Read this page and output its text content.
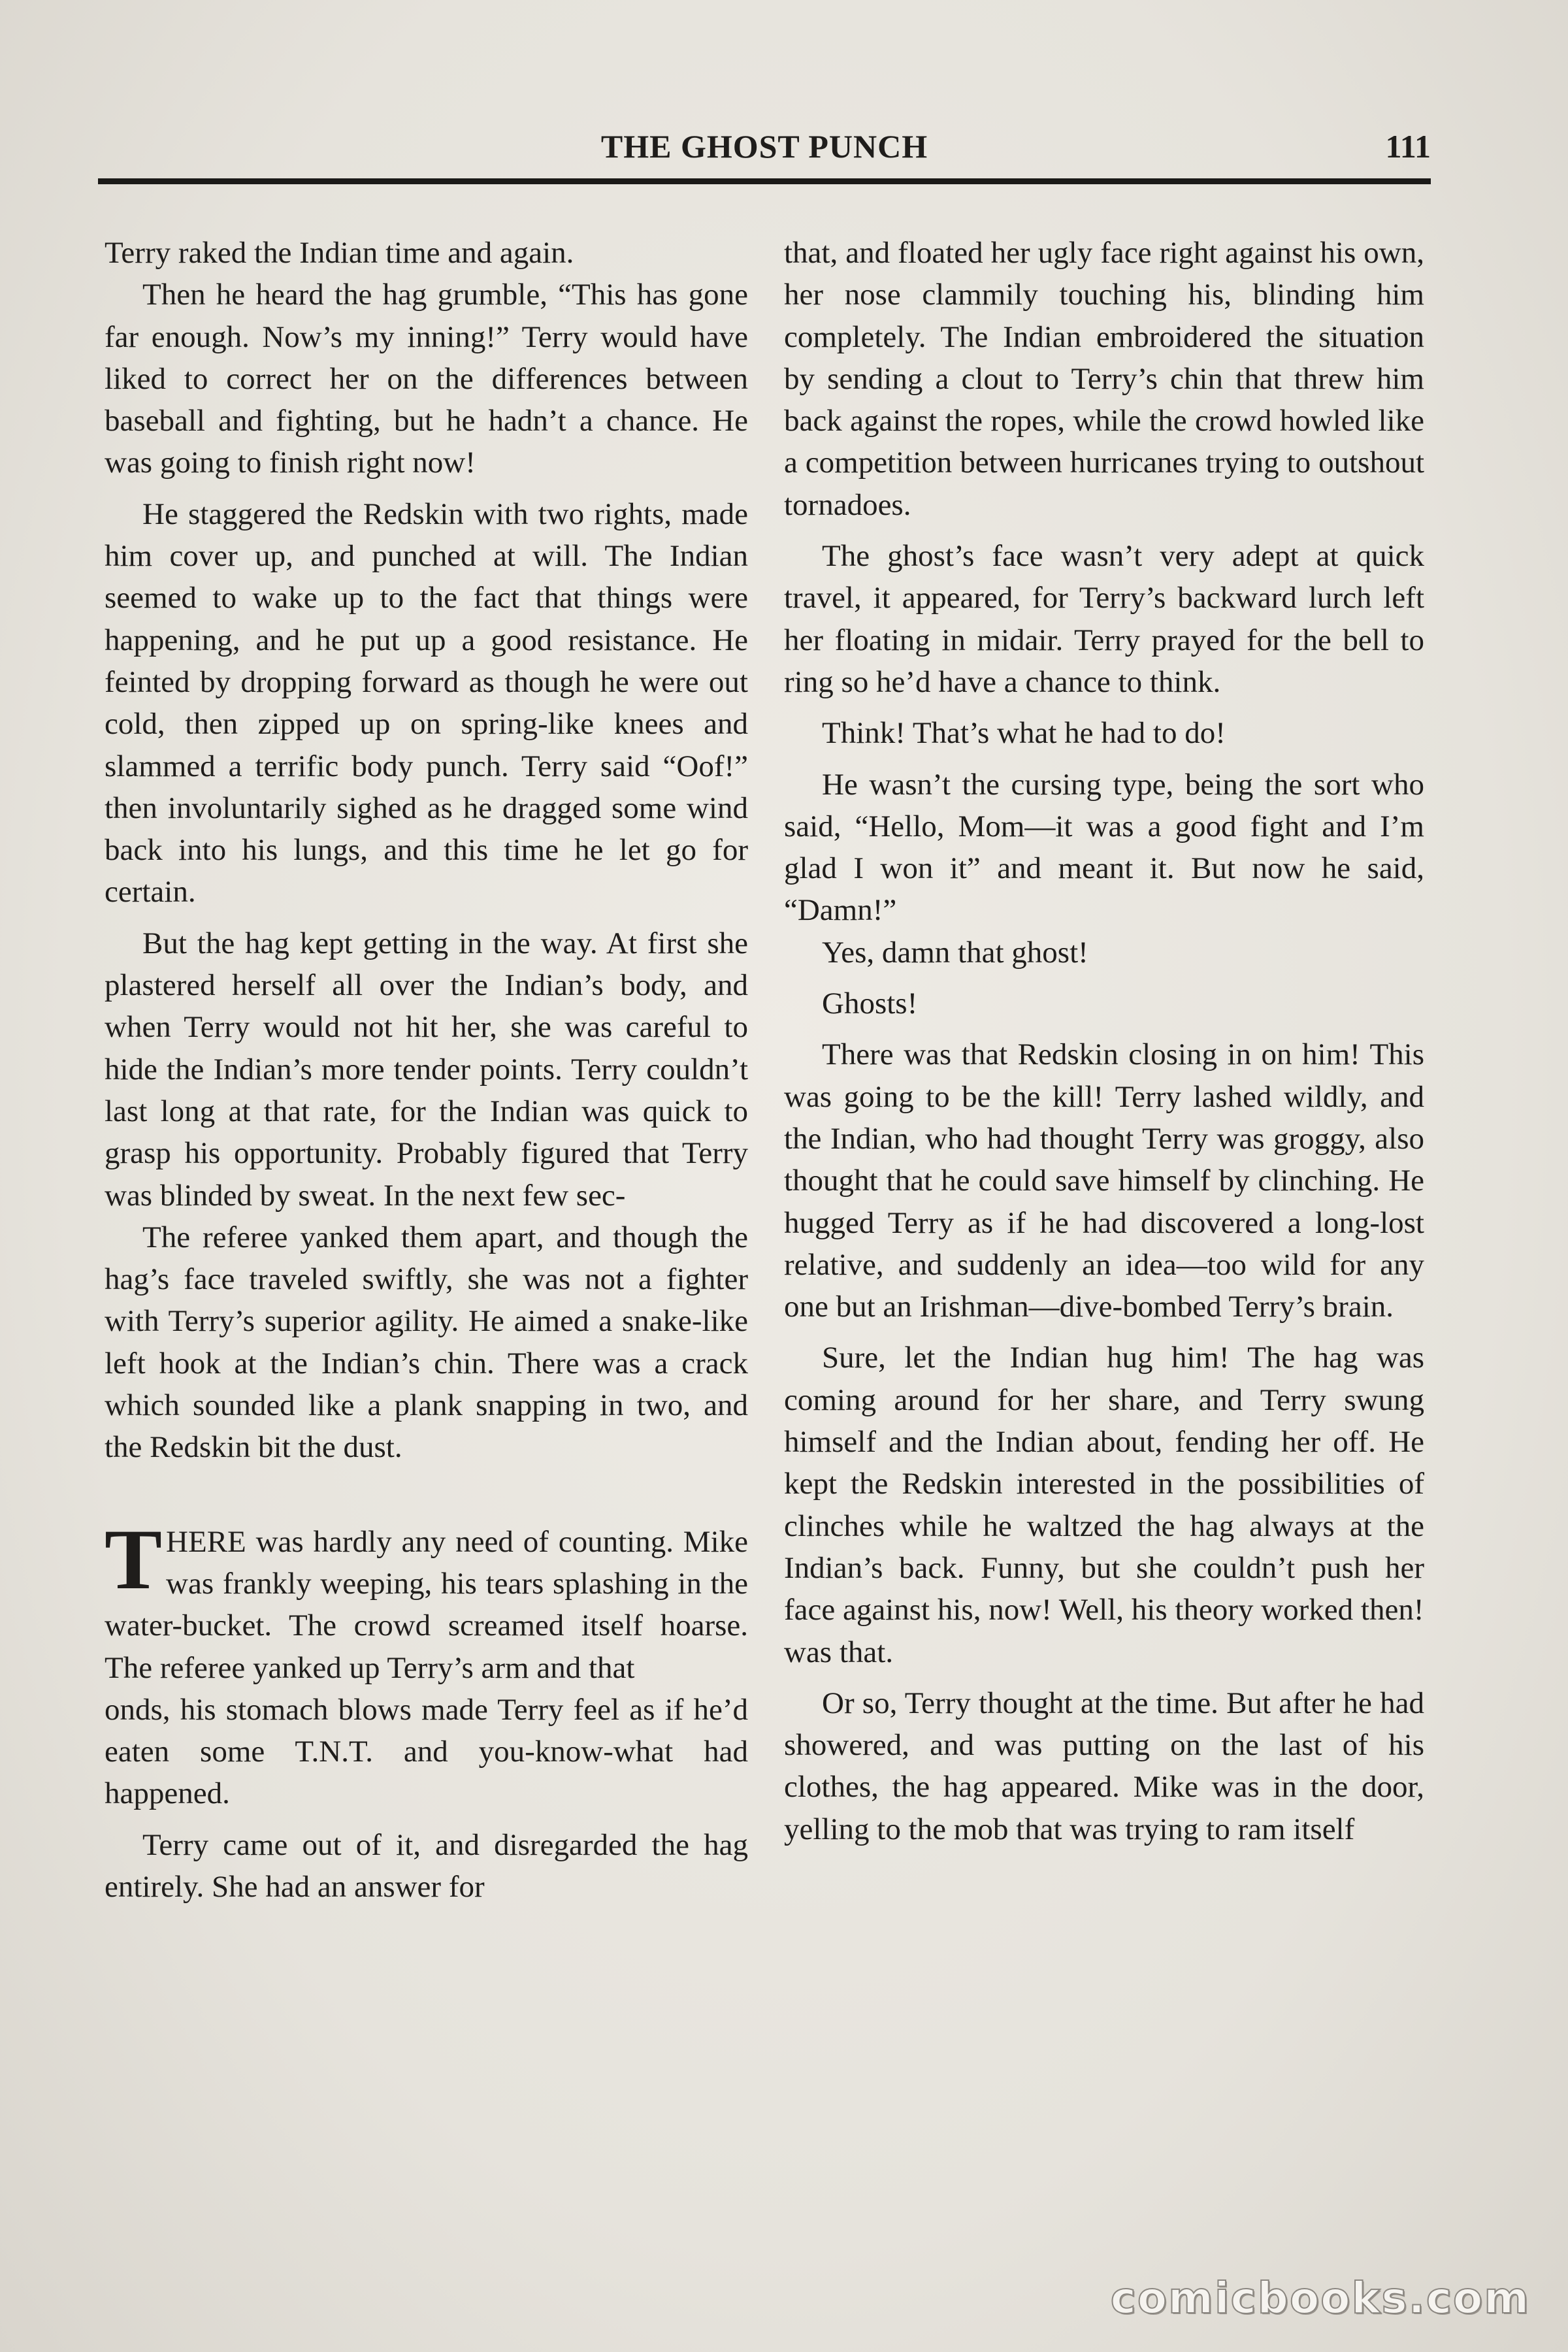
THE GHOST PUNCH	111

Terry raked the Indian time and again.

Then he heard the hag grumble, “This has gone far enough. Now’s my inning!” Terry would have liked to correct her on the differences between baseball and fighting, but he hadn’t a chance. He was going to finish right now!

He staggered the Redskin with two rights, made him cover up, and punched at will. The Indian seemed to wake up to the fact that things were happening, and he put up a good resistance. He feinted by dropping forward as though he were out cold, then zipped up on spring-like knees and slammed a terrific body punch. Terry said “Oof!” then involuntarily sighed as he dragged some wind back into his lungs, and this time he let go for certain.

But the hag kept getting in the way. At first she plastered herself all over the Indian’s body, and when Terry would not hit her, she was careful to hide the Indian’s more tender points. Terry couldn’t last long at that rate, for the Indian was quick to grasp his opportunity. Probably figured that Terry was blinded by sweat. In the next few sec-

The referee yanked them apart, and though the hag’s face traveled swiftly, she was not a fighter with Terry’s superior agility. He aimed a snake-like left hook at the Indian’s chin. There was a crack which sounded like a plank snapping in two, and the Redskin bit the dust.

THERE was hardly any need of counting. Mike was frankly weeping, his tears splashing in the water-bucket. The crowd screamed itself hoarse. The referee yanked up Terry’s arm and that

onds, his stomach blows made Terry feel as if he’d eaten some T.N.T. and you-know-what had happened.

Terry came out of it, and disregarded the hag entirely. She had an answer for

that, and floated her ugly face right against his own, her nose clammily touching his, blinding him completely. The Indian embroidered the situation by sending a clout to Terry’s chin that threw him back against the ropes, while the crowd howled like a competition between hurricanes trying to outshout tornadoes.

The ghost’s face wasn’t very adept at quick travel, it appeared, for Terry’s backward lurch left her floating in midair. Terry prayed for the bell to ring so he’d have a chance to think.

Think! That’s what he had to do!

He wasn’t the cursing type, being the sort who said, “Hello, Mom—it was a good fight and I’m glad I won it” and meant it. But now he said, “Damn!”

Yes, damn that ghost!

Ghosts!

There was that Redskin closing in on him! This was going to be the kill! Terry lashed wildly, and the Indian, who had thought Terry was groggy, also thought that he could save himself by clinching. He hugged Terry as if he had discovered a long-lost relative, and suddenly an idea—too wild for any one but an Irishman—dive-bombed Terry’s brain.

Sure, let the Indian hug him! The hag was coming around for her share, and Terry swung himself and the Indian about, fending her off. He kept the Redskin interested in the possibilities of clinches while he waltzed the hag always at the Indian’s back. Funny, but she couldn’t push her face against his, now! Well, his theory worked then!

was that.

Or so, Terry thought at the time. But after he had showered, and was putting on the last of his clothes, the hag appeared. Mike was in the door, yelling to the mob that was trying to ram itself

comicbooks.com
